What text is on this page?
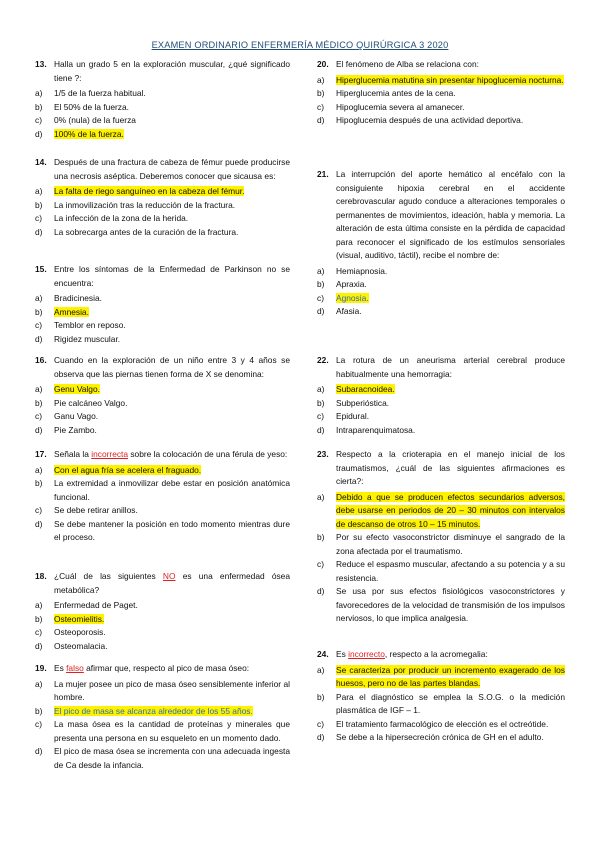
EXAMEN ORDINARIO ENFERMERÍA MÉDICO QUIRÚRGICA 3 2020
13. Halla un grado 5 en la exploración muscular, ¿qué significado tiene ?:
a)	1/5 de la fuerza habitual.
b)	El 50% de la fuerza.
c)	0% (nula) de la fuerza
d)	100% de la fuerza.
14. Después de una fractura de cabeza de fémur puede producirse una necrosis aséptica. Deberemos conocer que sicausa es:
a)	La falta de riego sanguíneo en la cabeza del fémur.
b)	La inmovilización tras la reducción de la fractura.
c)	La infección de la zona de la herida.
d)	La sobrecarga antes de la curación de la fractura.
15. Entre los síntomas de la Enfermedad de Parkinson no se encuentra:
a)	Bradicinesia.
b)	Amnesia.
c)	Temblor en reposo.
d)	Rigidez muscular.
16. Cuando en la exploración de un niño entre 3 y 4 años se observa que las piernas tienen forma de X se denomina:
a)	Genu Valgo.
b)	Pie calcáneo Valgo.
c)	Ganu Vago.
d)	Pie Zambo.
17. Señala la incorrecta sobre la colocación de una férula de yeso:
a)	Con el agua fría se acelera el fraguado.
b)	La extremidad a inmovilizar debe estar en posición anatómica funcional.
c)	Se debe retirar anillos.
d)	Se debe mantener la posición en todo momento mientras dure el proceso.
18. ¿Cuál de las siguientes NO es una enfermedad ósea metabólica?
a)	Enfermedad de Paget.
b)	Osteomielitis.
c)	Osteoporosis.
d)	Osteomalacia.
19. Es falso afirmar que, respecto al pico de masa óseo:
a)	La mujer posee un pico de masa óseo sensiblemente inferior al hombre.
b)	El pico de masa se alcanza alrededor de los 55 años.
c)	La masa ósea es la cantidad de proteínas y minerales que presenta una persona en su esqueleto en un momento dado.
d)	El pico de masa ósea se incrementa con una adecuada ingesta de Ca desde la infancia.
20. El fenómeno de Alba se relaciona con:
a)	Hiperglucemia matutina sin presentar hipoglucemia nocturna.
b)	Hiperglucemia antes de la cena.
c)	Hipoglucemia severa al amanecer.
d)	Hipoglucemia después de una actividad deportiva.
21. La interrupción del aporte hemático al encéfalo con la consiguiente hipoxia cerebral en el accidente cerebrovascular agudo conduce a alteraciones temporales o permanentes de movimientos, ideación, habla y memoria. La alteración de esta última consiste en la pérdida de capacidad para reconocer el significado de los estímulos sensoriales (visual, auditivo, táctil), recibe el nombre de:
a)	Hemiapnosia.
b)	Apraxia.
c)	Agnosia.
d)	Afasia.
22. La rotura de un aneurisma arterial cerebral produce habitualmente una hemorragia:
a)	Subaracnoidea.
b)	Subperióstica.
c)	Epidural.
d)	Intraparenquimatosa.
23. Respecto a la crioterapia en el manejo inicial de los traumatismos, ¿cuál de las siguientes afirmaciones es cierta?:
a)	Debido a que se producen efectos secundarios adversos, debe usarse en periodos de 20 – 30 minutos con intervalos de descanso de otros 10 – 15 minutos.
b)	Por su efecto vasoconstrictor disminuye el sangrado de la zona afectada por el traumatismo.
c)	Reduce el espasmo muscular, afectando a su potencia y a su resistencia.
d)	Se usa por sus efectos fisiológicos vasoconstrictores y favorecedores de la velocidad de transmisión de los impulsos nerviosos, lo que implica analgesia.
24. Es incorrecto, respecto a la acromegalia:
a)	Se caracteriza por producir un incremento exagerado de los huesos, pero no de las partes blandas.
b)	Para el diagnóstico se emplea la S.O.G. o la medición plasmática de IGF – 1.
c)	El tratamiento farmacológico de elección es el octreótide.
d)	Se debe a la hipersecreción crónica de GH en el adulto.
